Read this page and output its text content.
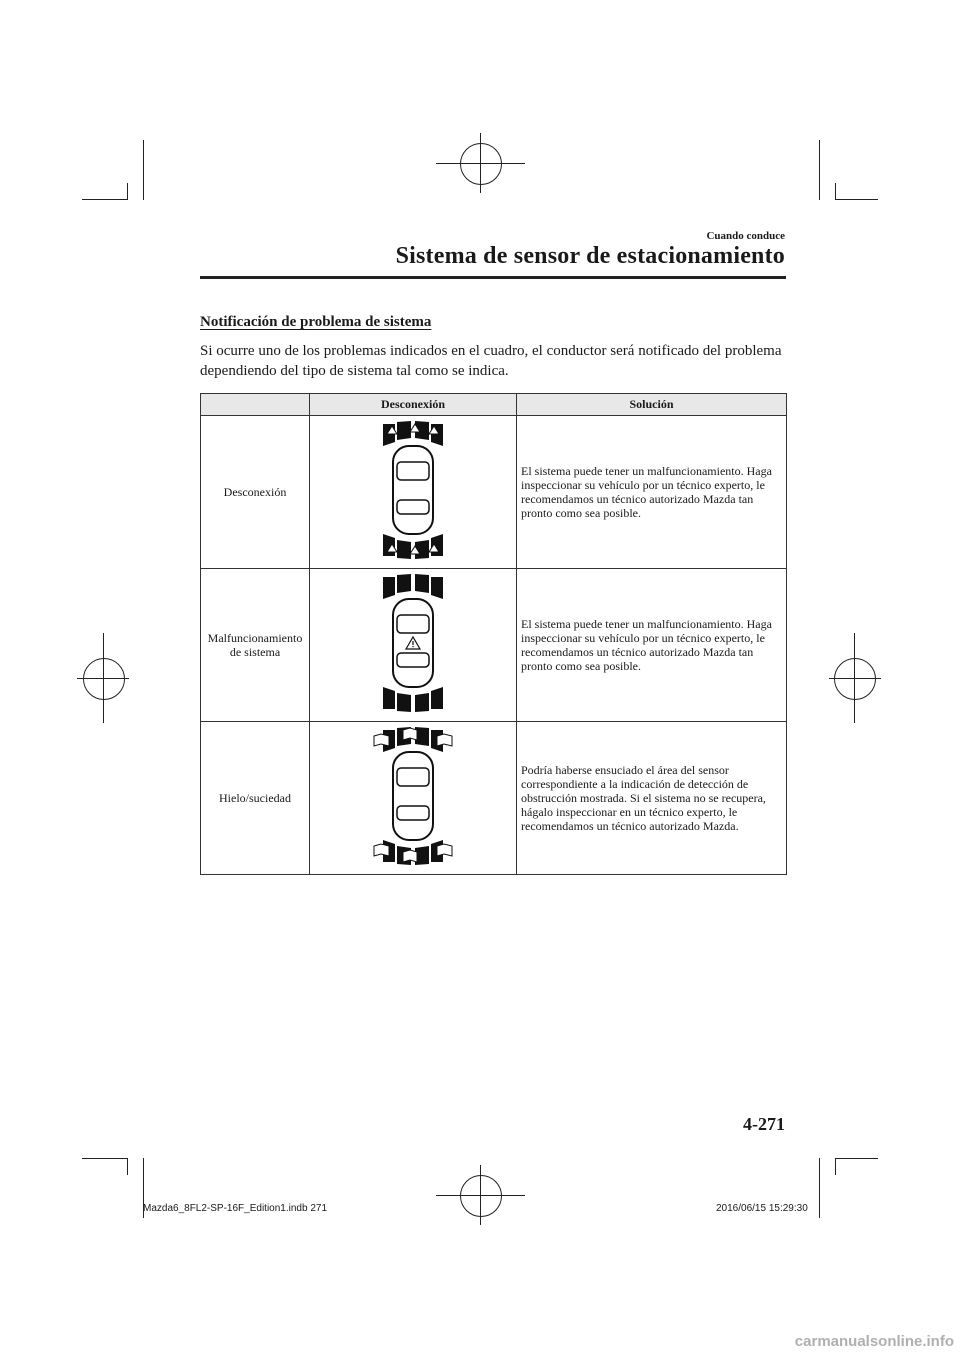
Cuando conduce
Sistema de sensor de estacionamiento
Notificación de problema de sistema
Si ocurre uno de los problemas indicados en el cuadro, el conductor será notificado del problema dependiendo del tipo de sistema tal como se indica.
	Desconexión	Solución
Desconexión		El sistema puede tener un malfuncionamiento. Haga inspeccionar su vehículo por un técnico experto, le recomendamos un técnico autorizado Mazda tan pronto como sea posible.

Malfuncionamiento de sistema		El sistema puede tener un malfuncionamiento. Haga inspeccionar su vehículo por un técnico experto, le recomendamos un técnico autorizado Mazda tan pronto como sea posible.

Hielo/suciedad		Podría haberse ensuciado el área del sensor correspondiente a la indicación de detección de obstrucción mostrada. Si el sistema no se recupera, hágalo inspeccionar en un técnico experto, le recomendamos un técnico autorizado Mazda.
4-271
Mazda6_8FL2-SP-16F_Edition1.indb 271	2016/06/15 15:29:30
carmanualsonline.info
